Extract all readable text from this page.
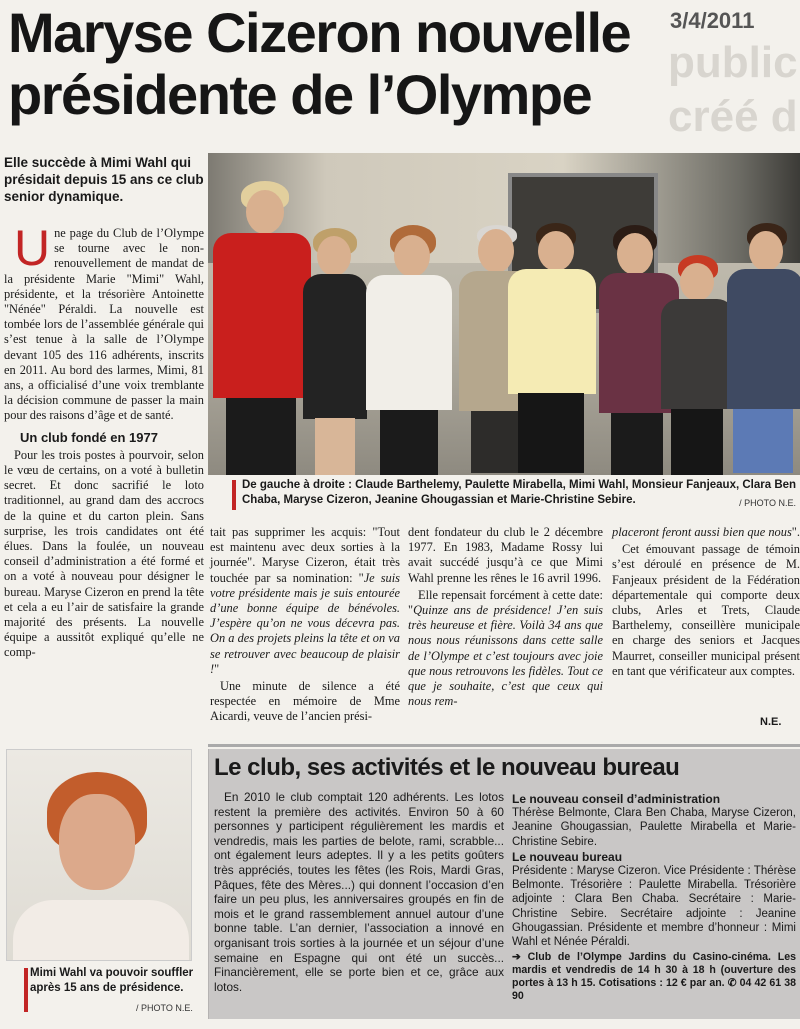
3/4/2011
public
créé d
Maryse Cizeron nouvelle présidente de l’Olympe
Elle succède à Mimi Wahl qui présidait depuis 15 ans ce club senior dynamique.

Une page du Club de l’Olympe se tourne avec le non-renouvellement de mandat de la présidente Marie "Mimi" Wahl, présidente, et la trésorière Antoinette "Nénée" Péraldi. La nouvelle est tombée lors de l’assemblée générale qui s’est tenue à la salle de l’Olympe devant 105 des 116 adhérents, inscrits en 2011. Au bord des larmes, Mimi, 81 ans, a officialisé d’une voix tremblante la décision commune de passer la main pour des raisons d’âge et de santé.

Un club fondé en 1977

Pour les trois postes à pourvoir, selon le vœu de certains, on a voté à bulletin secret. Et donc sacrifié le loto traditionnel, au grand dam des accrocs de la quine et du carton plein. Sans surprise, les trois candidates ont été élues. Dans la foulée, un nouveau conseil d’administration a été formé et on a voté à nouveau pour désigner le bureau. Maryse Cizeron en prend la tête et cela a eu l’air de satisfaire la grande majorité des présents. La nouvelle équipe a aussitôt expliqué qu’elle ne comp-

De gauche à droite : Claude Barthelemy, Paulette Mirabella, Mimi Wahl, Monsieur Fanjeaux, Clara Ben Chaba, Maryse Cizeron, Jeanine Ghougassian et Marie-Christine Sebire.	/ PHOTO N.E.

tait pas supprimer les acquis: "Tout est maintenu avec deux sorties à la journée". Maryse Cizeron, était très touchée par sa nomination: "Je suis votre présidente mais je suis entourée d’une bonne équipe de bénévoles. J’espère qu’on ne vous décevra pas. On a des projets pleins la tête et on va se retrouver avec beaucoup de plaisir !"

Une minute de silence a été respectée en mémoire de Mme Aicardi, veuve de l’ancien prési-

dent fondateur du club le 2 décembre 1977. En 1983, Madame Rossy lui avait succédé jusqu’à ce que Mimi Wahl prenne les rênes le 16 avril 1996.

Elle repensait forcément à cette date: "Quinze ans de présidence! J’en suis très heureuse et fière. Voilà 34 ans que nous nous réunissons dans cette salle de l’Olympe et c’est toujours avec joie que nous retrouvons les fidèles. Tout ce que je souhaite, c’est que ceux qui nous rem-

placeront feront aussi bien que nous".

Cet émouvant passage de témoin s’est déroulé en présence de M. Fanjeaux président de la Fédération départementale qui comporte deux clubs, Arles et Trets, Claude Barthelemy, conseillère municipale en charge des seniors et Jacques Maurret, conseiller municipal présent en tant que vérificateur aux comptes.

N.E.
Le club, ses activités et le nouveau bureau
En 2010 le club comptait 120 adhérents. Les lotos restent la première des activités. Environ 50 à 60 personnes y participent régulièrement les mardis et vendredis, mais les parties de belote, rami, scrabble... ont également leurs adeptes. Il y a les petits goûters très appréciés, toutes les fêtes (les Rois, Mardi Gras, Pâques, fête des Mères...) qui donnent l’occasion d’en faire un peu plus, les anniversaires groupés en fin de mois et le grand rassemblement annuel autour d’une bonne table. L’an dernier, l’association a innové en organisant trois sorties à la journée et un séjour d’une semaine en Espagne qui ont été un succès... Financièrement, elle se porte bien et ce, grâce aux lotos.
Le nouveau conseil d’administration

Thérèse Belmonte, Clara Ben Chaba, Maryse Cizeron, Jeanine Ghougassian, Paulette Mirabella et Marie-Christine Sebire.

Le nouveau bureau

Présidente : Maryse Cizeron. Vice Présidente : Thérèse Belmonte. Trésorière : Paulette Mirabella. Trésorière adjointe : Clara Ben Chaba. Secrétaire : Marie-Christine Sebire. Secrétaire adjointe : Jeanine Ghougassian. Présidente et membre d’honneur : Mimi Wahl et Nénée Péraldi.

➔ Club de l’Olympe Jardins du Casino-cinéma. Les mardis et vendredis de 14 h 30 à 18 h (ouverture des portes à 13 h 15. Cotisations : 12 € par an. ✆ 04 42 61 38 90
Mimi Wahl va pouvoir souffler après 15 ans de présidence.
/ PHOTO N.E.
